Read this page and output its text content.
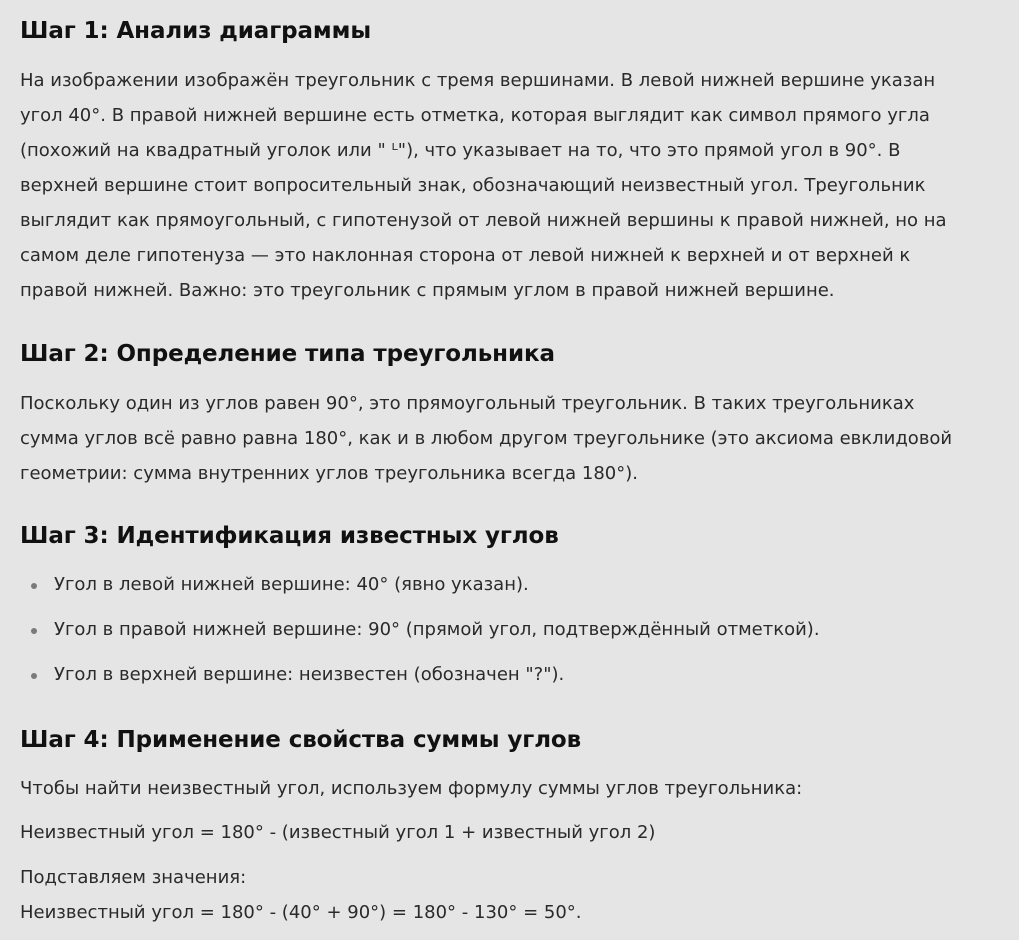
Шаг 1: Анализ диаграммы

На изображении изображён треугольник с тремя вершинами. В левой нижней вершине указан
угол 40°. В правой нижней вершине есть отметка, которая выглядит как символ прямого угла
(похожий на квадратный уголок или " ᴸ"), что указывает на то, что это прямой угол в 90°. В
верхней вершине стоит вопросительный знак, обозначающий неизвестный угол. Треугольник
выглядит как прямоугольный, с гипотенузой от левой нижней вершины к правой нижней, но на
самом деле гипотенуза — это наклонная сторона от левой нижней к верхней и от верхней к
правой нижней. Важно: это треугольник с прямым углом в правой нижней вершине.

Шаг 2: Определение типа треугольника

Поскольку один из углов равен 90°, это прямоугольный треугольник. В таких треугольниках
сумма углов всё равно равна 180°, как и в любом другом треугольнике (это аксиома евклидовой
геометрии: сумма внутренних углов треугольника всегда 180°).

Шаг 3: Идентификация известных углов
Угол в левой нижней вершине: 40° (явно указан).
Угол в правой нижней вершине: 90° (прямой угол, подтверждённый отметкой).
Угол в верхней вершине: неизвестен (обозначен "?").
Шаг 4: Применение свойства суммы углов

Чтобы найти неизвестный угол, используем формулу суммы углов треугольника:

Неизвестный угол = 180° - (известный угол 1 + известный угол 2)

Подставляем значения:

Неизвестный угол = 180° - (40° + 90°) = 180° - 130° = 50°.
